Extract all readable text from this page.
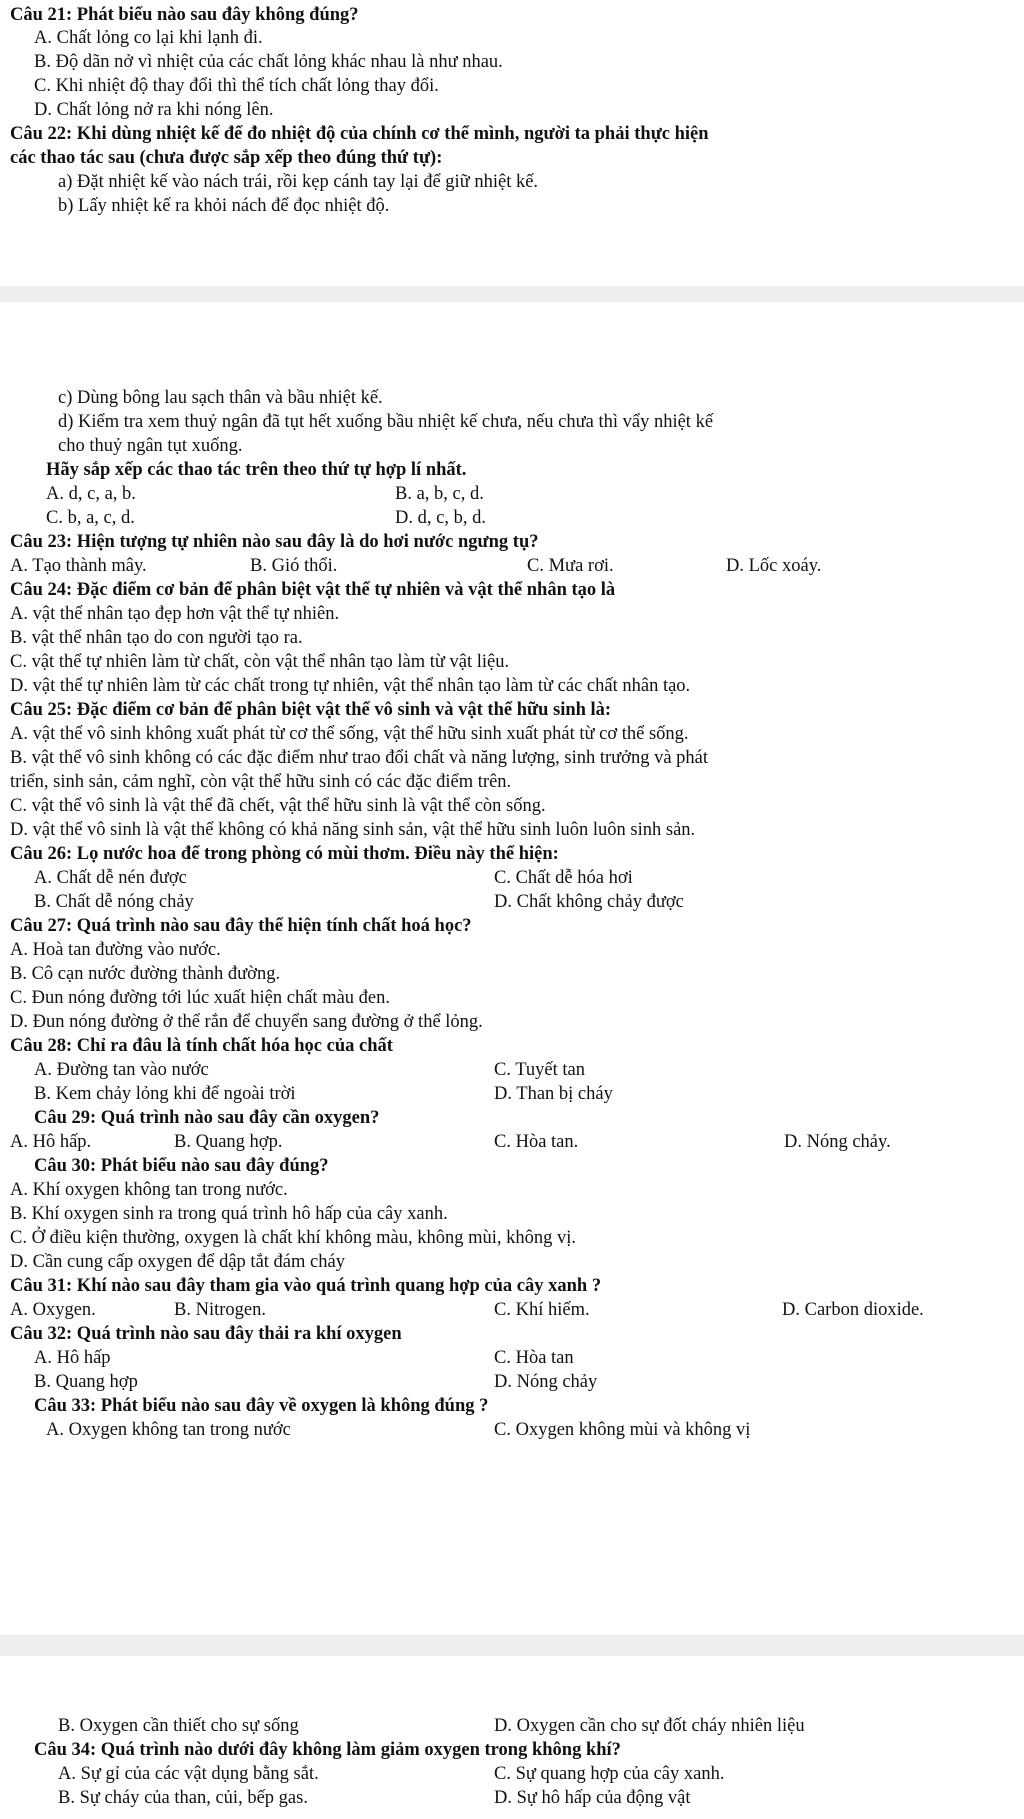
Câu 21: Phát biểu nào sau đây không đúng?
A. Chất lỏng co lại khi lạnh đi.
B. Độ dãn nở vì nhiệt của các chất lỏng khác nhau là như nhau.
C. Khi nhiệt độ thay đổi thì thể tích chất lỏng thay đổi.
D. Chất lỏng nở ra khi nóng lên.
Câu 22: Khi dùng nhiệt kế để đo nhiệt độ của chính cơ thể mình, người ta phải thực hiện
các thao tác sau (chưa được sắp xếp theo đúng thứ tự):
a) Đặt nhiệt kế vào nách trái, rồi kẹp cánh tay lại để giữ nhiệt kế.
b) Lấy nhiệt kế ra khỏi nách để đọc nhiệt độ.
c) Dùng bông lau sạch thân và bầu nhiệt kế.
d) Kiểm tra xem thuỷ ngân đã tụt hết xuống bầu nhiệt kế chưa, nếu chưa thì vẩy nhiệt kế
cho thuỷ ngân tụt xuống.
Hãy sắp xếp các thao tác trên theo thứ tự hợp lí nhất.
A. d, c, a, b.	B. a, b, c, d.
C. b, a, c, d.	D. d, c, b, d.
Câu 23: Hiện tượng tự nhiên nào sau đây là do hơi nước ngưng tụ?
A. Tạo thành mây.	B. Gió thổi.	C. Mưa rơi.	D. Lốc xoáy.
Câu 24: Đặc điểm cơ bản để phân biệt vật thể tự nhiên và vật thể nhân tạo là
A. vật thể nhân tạo đẹp hơn vật thể tự nhiên.
B. vật thể nhân tạo do con người tạo ra.
C. vật thể tự nhiên làm từ chất, còn vật thể nhân tạo làm từ vật liệu.
D. vật thể tự nhiên làm từ các chất trong tự nhiên, vật thể nhân tạo làm từ các chất nhân tạo.
Câu 25: Đặc điểm cơ bản để phân biệt vật thể vô sinh và vật thể hữu sinh là:
A. vật thể vô sinh không xuất phát từ cơ thể sống, vật thể hữu sinh xuất phát từ cơ thể sống.
B. vật thể vô sinh không có các đặc điểm như trao đổi chất và năng lượng, sinh trưởng và phát
triển, sinh sản, cảm nghĩ, còn vật thể hữu sinh có các đặc điểm trên.
C. vật thể vô sinh là vật thể đã chết, vật thể hữu sinh là vật thể còn sống.
D. vật thể vô sinh là vật thể không có khả năng sinh sản, vật thể hữu sinh luôn luôn sinh sản.
Câu 26: Lọ nước hoa để trong phòng có mùi thơm. Điều này thể hiện:
A. Chất dễ nén được	C. Chất dễ hóa hơi
B. Chất dễ nóng chảy	D. Chất không chảy được
Câu 27: Quá trình nào sau đây thể hiện tính chất hoá học?
A. Hoà tan đường vào nước.
B. Cô cạn nước đường thành đường.
C. Đun nóng đường tới lúc xuất hiện chất màu đen.
D. Đun nóng đường ở thể rắn để chuyển sang đường ở thể lỏng.
Câu 28: Chỉ ra đâu là tính chất hóa học của chất
A. Đường tan vào nước	C. Tuyết tan
B. Kem chảy lỏng khi để ngoài trời	D. Than bị cháy
Câu 29: Quá trình nào sau đây cần oxygen?
A. Hô hấp.	B. Quang hợp.	C. Hòa tan.	D. Nóng chảy.
Câu 30: Phát biểu nào sau đây đúng?
A. Khí oxygen không tan trong nước.
B. Khí oxygen sinh ra trong quá trình hô hấp của cây xanh.
C. Ở điều kiện thường, oxygen là chất khí không màu, không mùi, không vị.
D. Cần cung cấp oxygen để dập tắt đám cháy
Câu 31: Khí nào sau đây tham gia vào quá trình quang hợp của cây xanh ?
A. Oxygen.	B. Nitrogen.	C. Khí hiếm.	D. Carbon dioxide.
Câu 32: Quá trình nào sau đây thải ra khí oxygen
A. Hô hấp	C. Hòa tan
B. Quang hợp	D. Nóng chảy
Câu 33: Phát biểu nào sau đây về oxygen là không đúng ?
A. Oxygen không tan trong nước	C. Oxygen không mùi và không vị
B. Oxygen cần thiết cho sự sống	D. Oxygen cần cho sự đốt cháy nhiên liệu
Câu 34: Quá trình nào dưới đây không làm giảm oxygen trong không khí?
A. Sự gỉ của các vật dụng bằng sắt.	C. Sự quang hợp của cây xanh.
B. Sự cháy của than, củi, bếp gas.	D. Sự hô hấp của động vật
